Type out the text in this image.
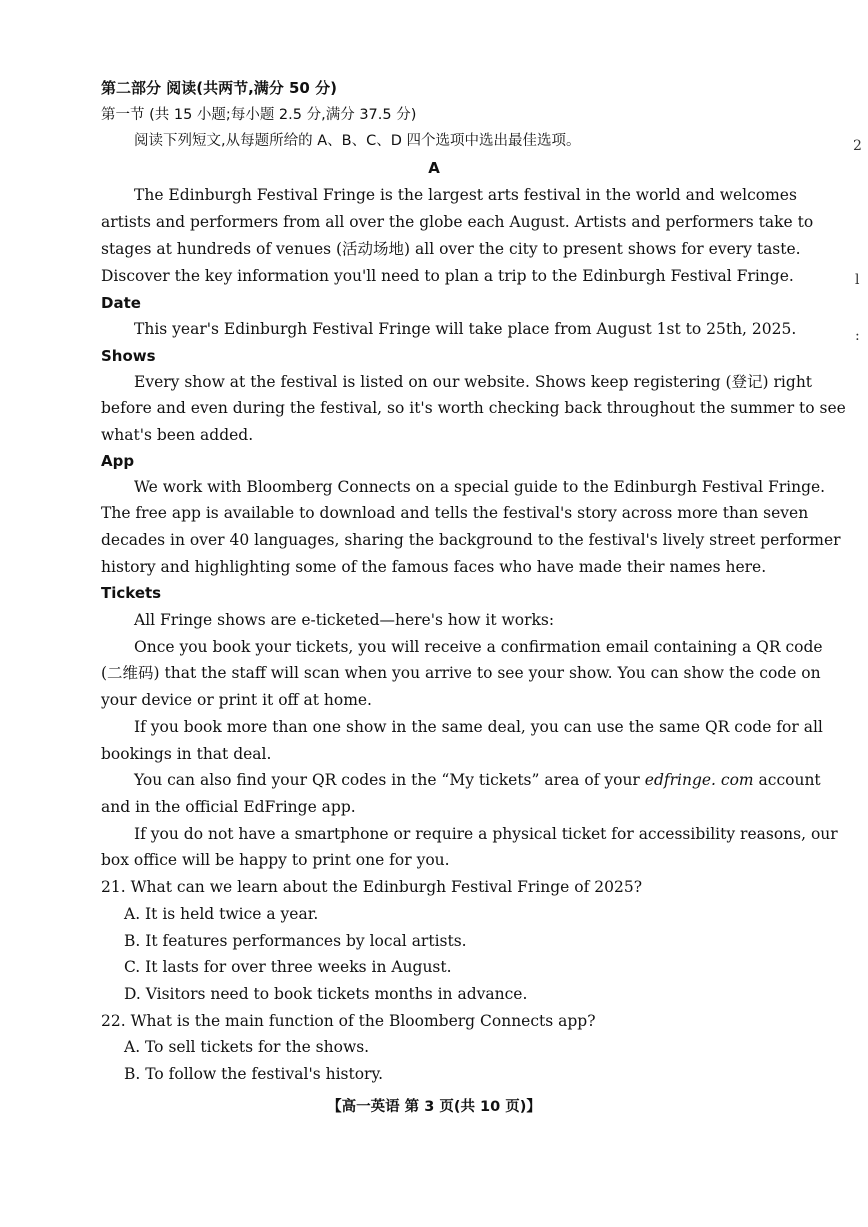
第二部分 阅读(共两节,满分 50 分)
第一节 (共 15 小题;每小题 2.5 分,满分 37.5 分)
阅读下列短文,从每题所给的 A、B、C、D 四个选项中选出最佳选项。
A
The Edinburgh Festival Fringe is the largest arts festival in the world and welcomes
artists and performers from all over the globe each August. Artists and performers take to
stages at hundreds of venues (活动场地) all over the city to present shows for every taste.
Discover the key information you'll need to plan a trip to the Edinburgh Festival Fringe.
Date
This year's Edinburgh Festival Fringe will take place from August 1st to 25th, 2025.
Shows
Every show at the festival is listed on our website. Shows keep registering (登记) right
before and even during the festival, so it's worth checking back throughout the summer to see
what's been added.
App
We work with Bloomberg Connects on a special guide to the Edinburgh Festival Fringe.
The free app is available to download and tells the festival's story across more than seven
decades in over 40 languages, sharing the background to the festival's lively street performer
history and highlighting some of the famous faces who have made their names here.
Tickets
All Fringe shows are e-ticketed—here's how it works:
Once you book your tickets, you will receive a confirmation email containing a QR code
(二维码) that the staff will scan when you arrive to see your show. You can show the code on
your device or print it off at home.
If you book more than one show in the same deal, you can use the same QR code for all
bookings in that deal.
You can also find your QR codes in the “My tickets” area of your edfringe. com account
and in the official EdFringe app.
If you do not have a smartphone or require a physical ticket for accessibility reasons, our
box office will be happy to print one for you.
21. What can we learn about the Edinburgh Festival Fringe of 2025?
A. It is held twice a year.
B. It features performances by local artists.
C. It lasts for over three weeks in August.
D. Visitors need to book tickets months in advance.
22. What is the main function of the Bloomberg Connects app?
A. To sell tickets for the shows.
B. To follow the festival's history.
【高一英语 第 3 页(共 10 页)】
2
l
:
